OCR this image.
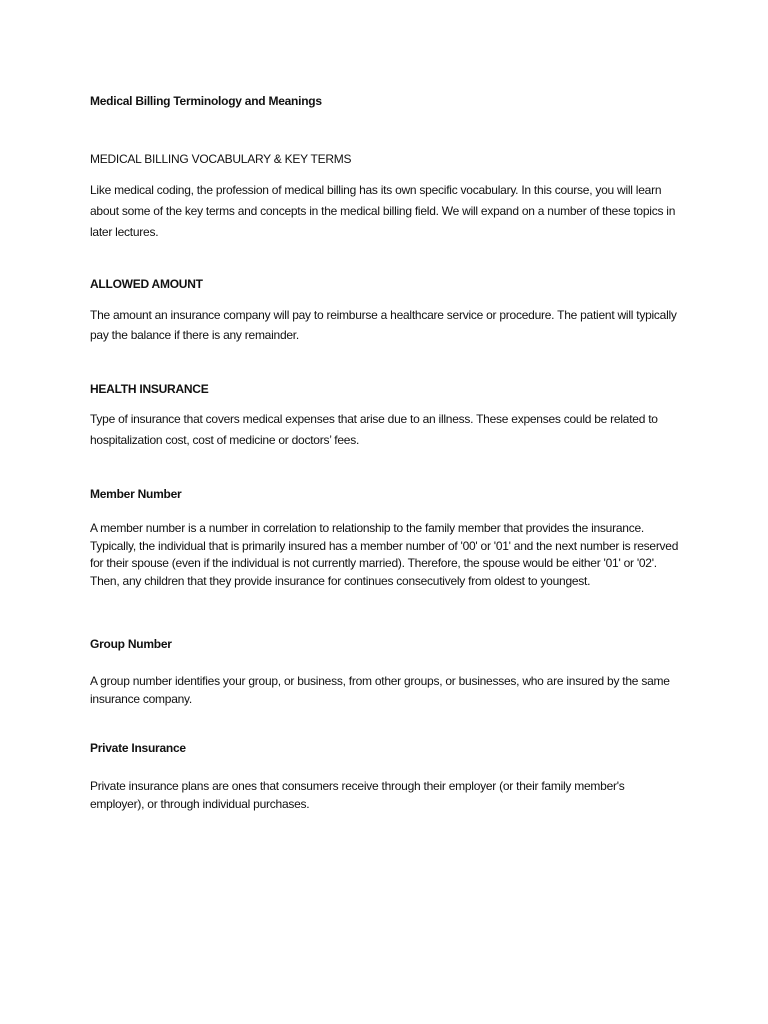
Medical Billing Terminology and Meanings

MEDICAL BILLING VOCABULARY & KEY TERMS

Like medical coding, the profession of medical billing has its own specific vocabulary. In this course, you will learn about some of the key terms and concepts in the medical billing field. We will expand on a number of these topics in later lectures.

ALLOWED AMOUNT

The amount an insurance company will pay to reimburse a healthcare service or procedure. The patient will typically pay the balance if there is any remainder.

HEALTH INSURANCE

Type of insurance that covers medical expenses that arise due to an illness. These expenses could be related to hospitalization cost, cost of medicine or doctors’ fees.

Member Number

A member number is a number in correlation to relationship to the family member that provides the insurance. Typically, the individual that is primarily insured has a member number of '00' or '01' and the next number is reserved for their spouse (even if the individual is not currently married). Therefore, the spouse would be either '01' or '02'. Then, any children that they provide insurance for continues consecutively from oldest to youngest.

Group Number

A group number identifies your group, or business, from other groups, or businesses, who are insured by the same insurance company.

Private Insurance

Private insurance plans are ones that consumers receive through their employer (or their family member's employer), or through individual purchases.
